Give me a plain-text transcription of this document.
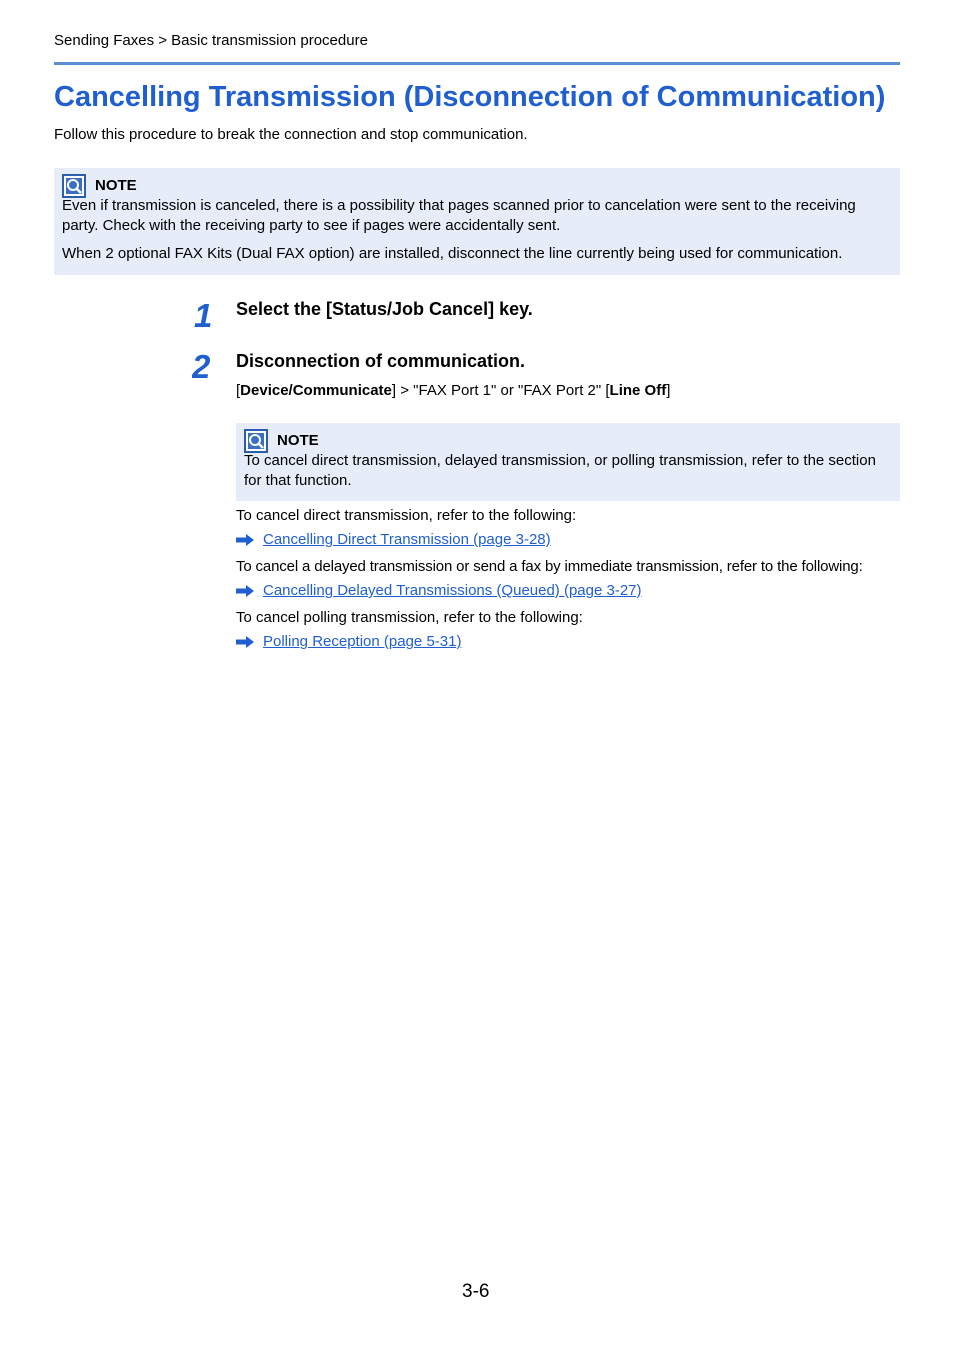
Sending Faxes > Basic transmission procedure
Cancelling Transmission (Disconnection of Communication)
Follow this procedure to break the connection and stop communication.
NOTE

Even if transmission is canceled, there is a possibility that pages scanned prior to cancelation were sent to the receiving party. Check with the receiving party to see if pages were accidentally sent.

When 2 optional FAX Kits (Dual FAX option) are installed, disconnect the line currently being used for communication.

1 Select the [Status/Job Cancel] key.
2 Disconnection of communication.
[Device/Communicate] > "FAX Port 1" or "FAX Port 2" [Line Off]
NOTE

To cancel direct transmission, delayed transmission, or polling transmission, refer to the section for that function.

To cancel direct transmission, refer to the following:
Cancelling Direct Transmission (page 3-28)
To cancel a delayed transmission or send a fax by immediate transmission, refer to the following:
Cancelling Delayed Transmissions (Queued) (page 3-27)
To cancel polling transmission, refer to the following:
Polling Reception (page 5-31)
3-6
